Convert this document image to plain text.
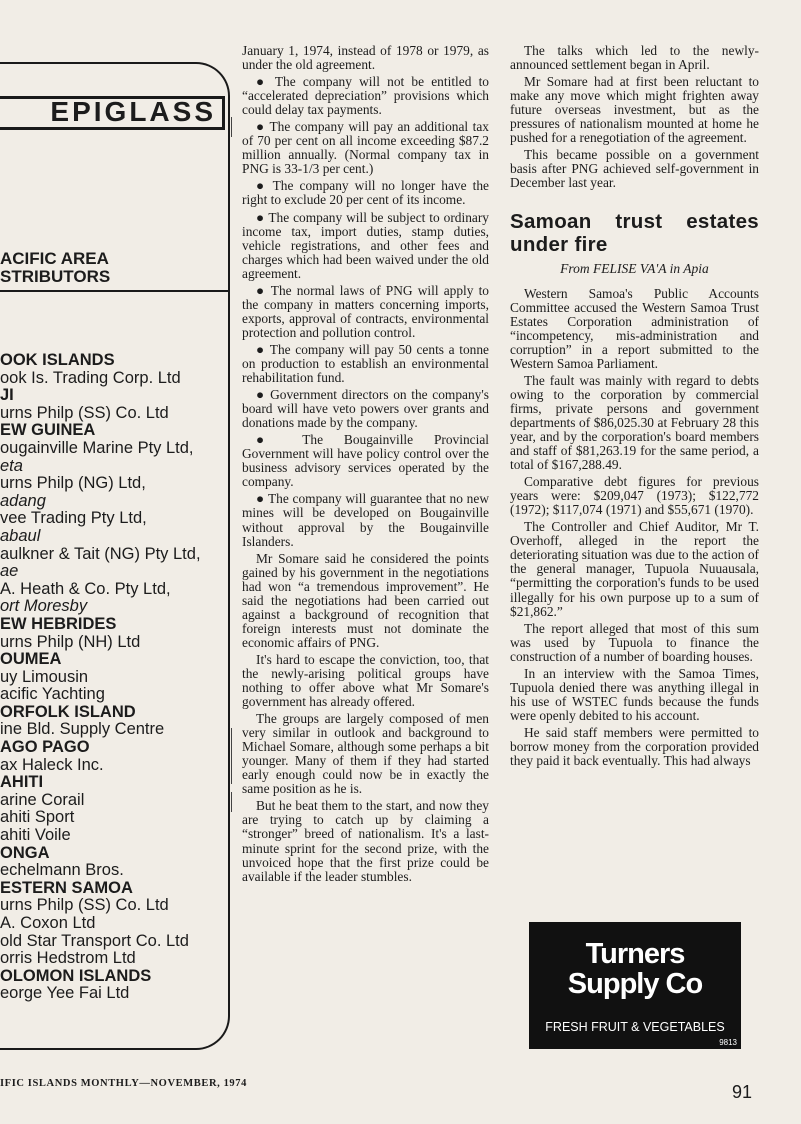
EPIGLASS
ACIFIC AREA
STRIBUTORS
OOK ISLANDS
ook Is. Trading Corp. Ltd
JI
urns Philp (SS) Co. Ltd
EW GUINEA
ougainville Marine Pty Ltd,
eta
urns Philp (NG) Ltd,
adang
vee Trading Pty Ltd,
abaul
aulkner & Tait (NG) Pty Ltd,
ae
A. Heath & Co. Pty Ltd,
ort Moresby
EW HEBRIDES
urns Philp (NH) Ltd
OUMEA
uy Limousin
acific Yachting
ORFOLK ISLAND
ine Bld. Supply Centre
AGO PAGO
ax Haleck Inc.
AHITI
arine Corail
ahiti Sport
ahiti Voile
ONGA
echelmann Bros.
ESTERN SAMOA
urns Philp (SS) Co. Ltd
A. Coxon Ltd
old Star Transport Co. Ltd
orris Hedstrom Ltd
OLOMON ISLANDS
eorge Yee Fai Ltd

January 1, 1974, instead of 1978 or 1979, as under the old agreement.

● The company will not be entitled to “accelerated depreciation” provisions which could delay tax payments.

● The company will pay an additional tax of 70 per cent on all income exceeding $87.2 million annually. (Normal company tax in PNG is 33-1/3 per cent.)

● The company will no longer have the right to exclude 20 per cent of its income.

● The company will be subject to ordinary income tax, import duties, stamp duties, vehicle registrations, and other fees and charges which had been waived under the old agreement.

● The normal laws of PNG will apply to the company in matters concerning imports, exports, approval of contracts, environmental protection and pollution control.

● The company will pay 50 cents a tonne on production to establish an environmental rehabilitation fund.

● Government directors on the company's board will have veto powers over grants and donations made by the company.

● The Bougainville Provincial Government will have policy control over the business advisory services operated by the company.

● The company will guarantee that no new mines will be developed on Bougainville without approval by the Bougainville Islanders.

Mr Somare said he considered the points gained by his government in the negotiations had won “a tremendous improvement”. He said the negotiations had been carried out against a background of recognition that foreign interests must not dominate the economic affairs of PNG.

It's hard to escape the conviction, too, that the newly-arising political groups have nothing to offer above what Mr Somare's government has already offered.

The groups are largely composed of men very similar in outlook and background to Michael Somare, although some perhaps a bit younger. Many of them if they had started early enough could now be in exactly the same position as he is.

But he beat them to the start, and now they are trying to catch up by claiming a “stronger” breed of nationalism. It's a last-minute sprint for the second prize, with the unvoiced hope that the first prize could be available if the leader stumbles.

The talks which led to the newly-announced settlement began in April.

Mr Somare had at first been reluctant to make any move which might frighten away future overseas investment, but as the pressures of nationalism mounted at home he pushed for a renegotiation of the agreement.

This became possible on a government basis after PNG achieved self-government in December last year.

Samoan trust estates under fire

From FELISE VA'A in Apia

Western Samoa's Public Accounts Committee accused the Western Samoa Trust Estates Corporation administration of “incompetency, mis-administration and corruption” in a report submitted to the Western Samoa Parliament.

The fault was mainly with regard to debts owing to the corporation by commercial firms, private persons and government departments of $86,025.30 at February 28 this year, and by the corporation's board members and staff of $81,263.19 for the same period, a total of $167,288.49.

Comparative debt figures for previous years were: $209,047 (1973); $122,772 (1972); $117,074 (1971) and $55,671 (1970).

The Controller and Chief Auditor, Mr T. Overhoff, alleged in the report the deteriorating situation was due to the action of the general manager, Tupuola Nuuausala, “permitting the corporation's funds to be used illegally for his own purpose up to a sum of $21,862.”

The report alleged that most of this sum was used by Tupuola to finance the construction of a number of boarding houses.

In an interview with the Samoa Times, Tupuola denied there was anything illegal in his use of WSTEC funds because the funds were openly debited to his account.

He said staff members were permitted to borrow money from the corporation provided they paid it back eventually. This had always

Turners
Supply Co
FRESH FRUIT & VEGETABLES
9813
IFIC ISLANDS MONTHLY—NOVEMBER, 1974	91
